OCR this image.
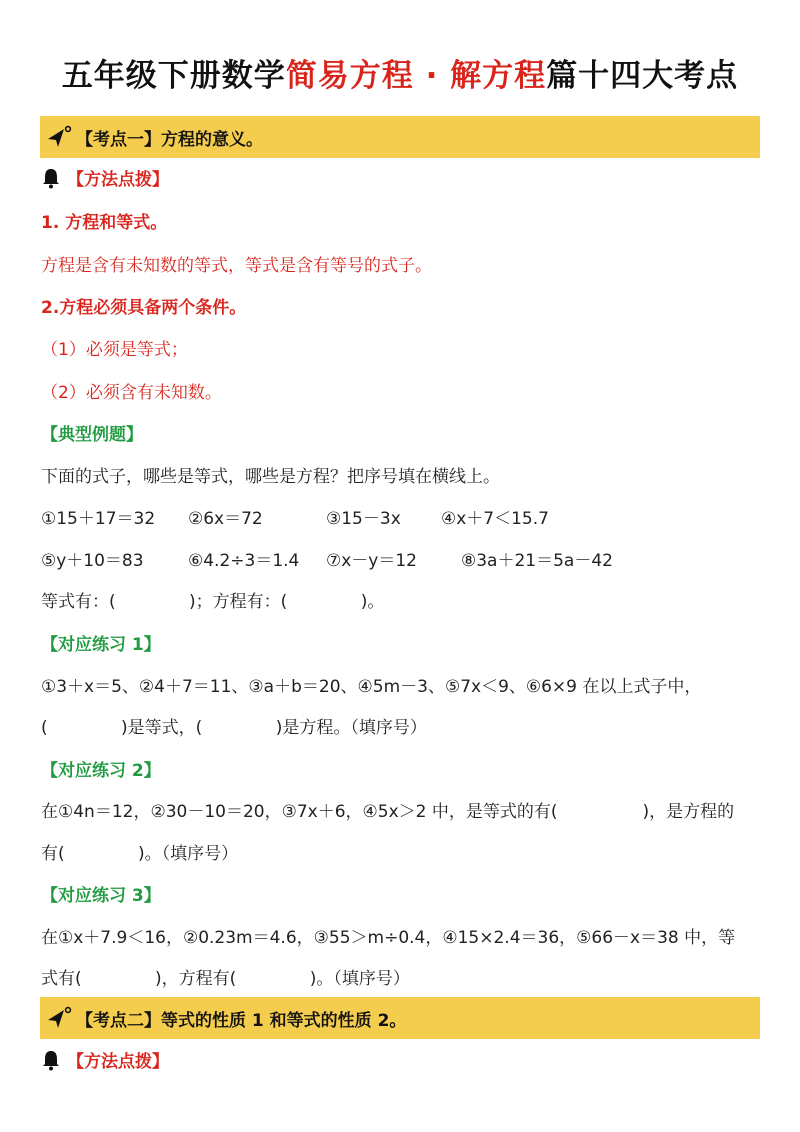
五年级下册数学简易方程 · 解方程篇十四大考点
【考点一】方程的意义。
【方法点拨】
1. 方程和等式。
方程是含有未知数的等式，等式是含有等号的式子。
2.方程必须具备两个条件。
（1）必须是等式；
（2）必须含有未知数。
【典型例题】
下面的式子，哪些是等式，哪些是方程？把序号填在横线上。
①15＋17＝32 ②6x＝72	③15－3x ④x＋7＜15.7
⑤y＋10＝83	⑥4.2÷3＝1.4 ⑦x－y＝12	⑧3a＋21＝5a－42
等式有：(　　　　 )；方程有：(　　　　 )。
【对应练习 1】
①3＋x＝5、②4＋7＝11、③a＋b＝20、④5m－3、⑤7x＜9、⑥6×9 在以上式子中，
(　　　　 )是等式，(　　　　 )是方程。（填序号）
【对应练习 2】
在①4n＝12，②30－10＝20，③7x＋6，④5x＞2 中，是等式的有(　　　　　)，是方程的
有(　　　　 )。（填序号）
【对应练习 3】
在①x＋7.9＜16，②0.23m＝4.6，③55＞m÷0.4，④15×2.4＝36，⑤66－x＝38 中，等
式有(　　　　 )，方程有(　　　　 )。（填序号）
【考点二】等式的性质 1 和等式的性质 2。
【方法点拨】
